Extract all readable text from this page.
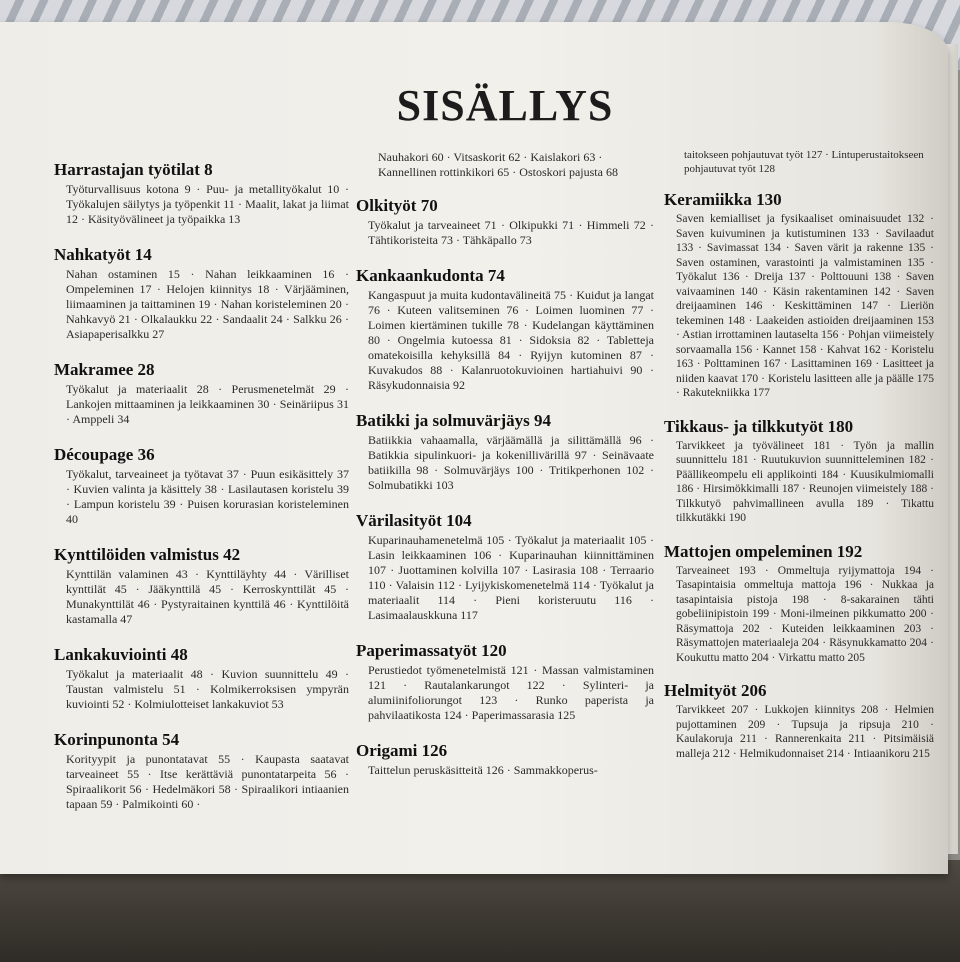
SISÄLLYS
Harrastajan työtilat 8
Työturvallisuus kotona 9 · Puu- ja metallityökalut 10 · Työkalujen säilytys ja työpenkit 11 · Maalit, lakat ja liimat 12 · Käsityövälineet ja työpaikka 13
Nahkatyöt 14
Nahan ostaminen 15 · Nahan leikkaaminen 16 · Ompeleminen 17 · Helojen kiinnitys 18 · Värjääminen, liimaaminen ja taittaminen 19 · Nahan koristeleminen 20 · Nahkavyö 21 · Olkalaukku 22 · Sandaalit 24 · Salkku 26 · Asiapaperisalkku 27
Makramee 28
Työkalut ja materiaalit 28 · Perusmenetelmät 29 · Lankojen mittaaminen ja leikkaaminen 30 · Seinäriipus 31 · Amppeli 34
Découpage 36
Työkalut, tarveaineet ja työtavat 37 · Puun esikäsittely 37 · Kuvien valinta ja käsittely 38 · Lasilautasen koristelu 39 · Lampun koristelu 39 · Puisen korurasian koristeleminen 40
Kynttilöiden valmistus 42
Kynttilän valaminen 43 · Kynttiläyhty 44 · Värilliset kynttilät 45 · Jääkynttilä 45 · Kerroskynttilät 45 · Munakynttilät 46 · Pystyraitainen kynttilä 46 · Kynttilöitä kastamalla 47
Lankakuviointi 48
Työkalut ja materiaalit 48 · Kuvion suunnittelu 49 · Taustan valmistelu 51 · Kolmikerroksisen ympyrän kuviointi 52 · Kolmiulotteiset lankakuviot 53
Korinpunonta 54
Korityypit ja punontatavat 55 · Kaupasta saatavat tarveaineet 55 · Itse kerättäviä punontatarpeita 56 · Spiraalikorit 56 · Hedelmäkori 58 · Spiraalikori intiaanien tapaan 59 · Palmikointi 60 ·
Nauhakori 60 · Vitsaskorit 62 · Kaislakori 63 · Kannellinen rottinkikori 65 · Ostoskori pajusta 68
Olkityöt 70
Työkalut ja tarveaineet 71 · Olkipukki 71 · Himmeli 72 · Tähtikoristeita 73 · Tähkäpallo 73
Kankaankudonta 74
Kangaspuut ja muita kudontavälineitä 75 · Kuidut ja langat 76 · Kuteen valitseminen 76 · Loimen luominen 77 · Loimen kiertäminen tukille 78 · Kudelangan käyttäminen 80 · Ongelmia kutoessa 81 · Sidoksia 82 · Tabletteja omatekoisilla kehyksillä 84 · Ryijyn kutominen 87 · Kuvakudos 88 · Kalanruotokuvioinen hartiahuivi 90 · Räsykudonnaisia 92
Batikki ja solmuvärjäys 94
Batiikkia vahaamalla, värjäämällä ja silittämällä 96 · Batikkia sipulinkuori- ja kokenillivärillä 97 · Seinävaate batiikilla 98 · Solmuvärjäys 100 · Tritikperhonen 102 · Solmubatikki 103
Värilasityöt 104
Kuparinauhamenetelmä 105 · Työkalut ja materiaalit 105 · Lasin leikkaaminen 106 · Kuparinauhan kiinnittäminen 107 · Juottaminen kolvilla 107 · Lasirasia 108 · Terraario 110 · Valaisin 112 · Lyijykiskomenetelmä 114 · Työkalut ja materiaalit 114 · Pieni koristeruutu 116 · Lasimaalauskkuna 117
Paperimassatyöt 120
Perustiedot työmenetelmistä 121 · Massan valmistaminen 121 · Rautalankarungot 122 · Sylinteri- ja alumiinifoliorungot 123 · Runko paperista ja pahvilaatikosta 124 · Paperimassarasia 125
Origami 126
Taittelun peruskäsitteitä 126 · Sammakkoperus-
taitokseen pohjautuvat työt 127 · Lintuperustaitokseen pohjautuvat työt 128
Keramiikka 130
Saven kemialliset ja fysikaaliset ominaisuudet 132 · Saven kuivuminen ja kutistuminen 133 · Savilaadut 133 · Savimassat 134 · Saven värit ja rakenne 135 · Saven ostaminen, varastointi ja valmistaminen 135 · Työkalut 136 · Dreija 137 · Polttouuni 138 · Saven vaivaaminen 140 · Käsin rakentaminen 142 · Saven dreijaaminen 146 · Keskittäminen 147 · Lieriön tekeminen 148 · Laakeiden astioiden dreijaaminen 153 · Astian irrottaminen lautaselta 156 · Pohjan viimeistely sorvaamalla 156 · Kannet 158 · Kahvat 162 · Koristelu 163 · Polttaminen 167 · Lasittaminen 169 · Lasitteet ja niiden kaavat 170 · Koristelu lasitteen alle ja päälle 175 · Rakutekniikka 177
Tikkaus- ja tilkkutyöt 180
Tarvikkeet ja työvälineet 181 · Työn ja mallin suunnittelu 181 · Ruutukuvion suunnitteleminen 182 · Päällikeompelu eli applikointi 184 · Kuusikulmiomalli 186 · Hirsimökkimalli 187 · Reunojen viimeistely 188 · Tilkkutyö pahvimallineen avulla 189 · Tikattu tilkkutäkki 190
Mattojen ompeleminen 192
Tarveaineet 193 · Ommeltuja ryijymattoja 194 · Tasapintaisia ommeltuja mattoja 196 · Nukkaa ja tasapintaisia pistoja 198 · 8-sakarainen tähti gobeliinipistoin 199 · Moni-ilmeinen pikkumatto 200 · Räsymattoja 202 · Kuteiden leikkaaminen 203 · Räsymattojen materiaaleja 204 · Räsynukkamatto 204 · Koukuttu matto 204 · Virkattu matto 205
Helmityöt 206
Tarvikkeet 207 · Lukkojen kiinnitys 208 · Helmien pujottaminen 209 · Tupsuja ja ripsuja 210 · Kaulakoruja 211 · Rannerenkaita 211 · Pitsimäisiä malleja 212 · Helmikudonnaiset 214 · Intiaanikoru 215
